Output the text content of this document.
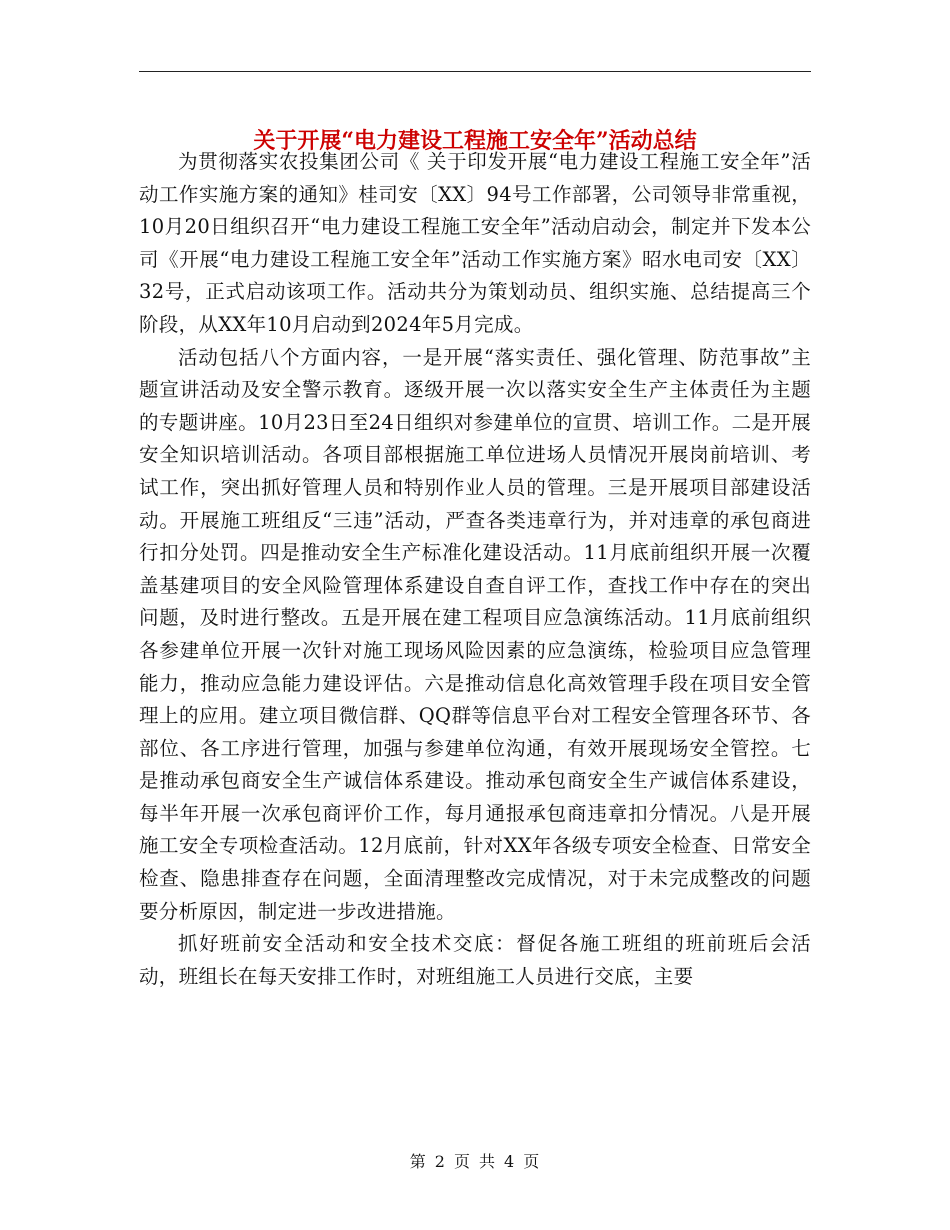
关于开展“电力建设工程施工安全年”活动总结

为贯彻落实农投集团公司《 关于印发开展“电力建设工程施工安全年”活动工作实施方案的通知》桂司安〔XX〕94号工作部署，公司领导非常重视，10月20日组织召开“电力建设工程施工安全年”活动启动会，制定并下发本公司《开展“电力建设工程施工安全年”活动工作实施方案》昭水电司安〔XX〕32号，正式启动该项工作。活动共分为策划动员、组织实施、总结提高三个阶段，从XX年10月启动到2024年5月完成。

活动包括八个方面内容，一是开展“落实责任、强化管理、防范事故”主题宣讲活动及安全警示教育。逐级开展一次以落实安全生产主体责任为主题的专题讲座。10月23日至24日组织对参建单位的宣贯、培训工作。二是开展安全知识培训活动。各项目部根据施工单位进场人员情况开展岗前培训、考试工作，突出抓好管理人员和特别作业人员的管理。三是开展项目部建设活动。开展施工班组反“三违”活动，严查各类违章行为，并对违章的承包商进行扣分处罚。四是推动安全生产标准化建设活动。11月底前组织开展一次覆盖基建项目的安全风险管理体系建设自查自评工作，查找工作中存在的突出问题，及时进行整改。五是开展在建工程项目应急演练活动。11月底前组织各参建单位开展一次针对施工现场风险因素的应急演练，检验项目应急管理能力，推动应急能力建设评估。六是推动信息化高效管理手段在项目安全管理上的应用。建立项目微信群、QQ群等信息平台对工程安全管理各环节、各部位、各工序进行管理，加强与参建单位沟通，有效开展现场安全管控。七是推动承包商安全生产诚信体系建设。推动承包商安全生产诚信体系建设，每半年开展一次承包商评价工作，每月通报承包商违章扣分情况。八是开展施工安全专项检查活动。12月底前，针对XX年各级专项安全检查、日常安全检查、隐患排查存在问题，全面清理整改完成情况，对于未完成整改的问题要分析原因，制定进一步改进措施。

抓好班前安全活动和安全技术交底：督促各施工班组的班前班后会活动，班组长在每天安排工作时，对班组施工人员进行交底，主要

第 2 页 共 4 页
